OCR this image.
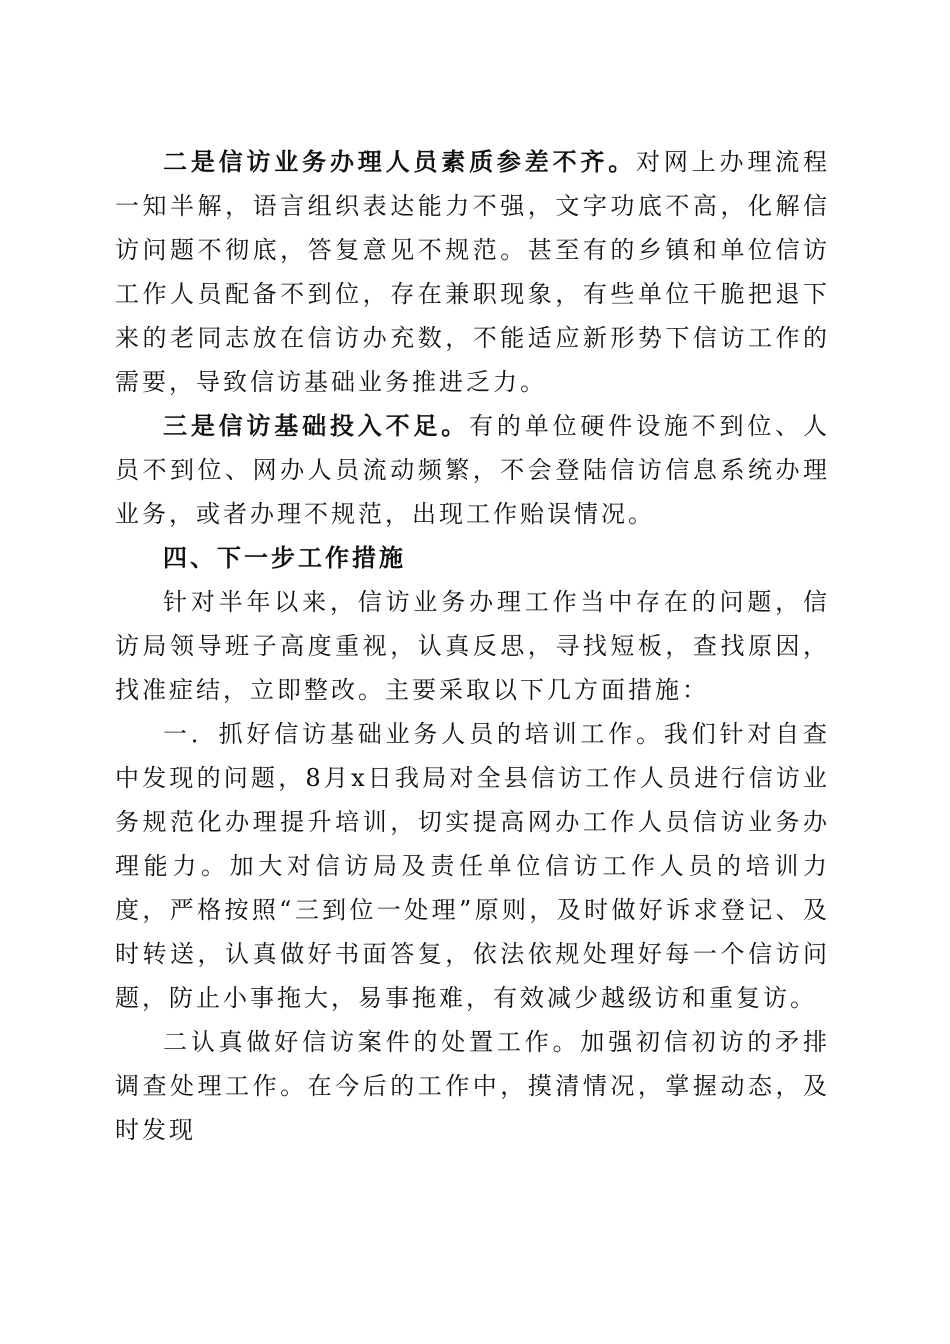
二是信访业务办理人员素质参差不齐。对网上办理流程一知半解，语言组织表达能力不强，文字功底不高，化解信访问题不彻底，答复意见不规范。甚至有的乡镇和单位信访工作人员配备不到位，存在兼职现象，有些单位干脆把退下来的老同志放在信访办充数，不能适应新形势下信访工作的需要，导致信访基础业务推进乏力。

三是信访基础投入不足。有的单位硬件设施不到位、人员不到位、网办人员流动频繁，不会登陆信访信息系统办理业务，或者办理不规范，出现工作贻误情况。

四、下一步工作措施

针对半年以来，信访业务办理工作当中存在的问题，信访局领导班子高度重视，认真反思，寻找短板，查找原因，找准症结，立即整改。主要采取以下几方面措施：

一．抓好信访基础业务人员的培训工作。我们针对自查中发现的问题，8月x日我局对全县信访工作人员进行信访业务规范化办理提升培训，切实提高网办工作人员信访业务办理能力。加大对信访局及责任单位信访工作人员的培训力度，严格按照“三到位一处理”原则，及时做好诉求登记、及时转送，认真做好书面答复，依法依规处理好每一个信访问题，防止小事拖大，易事拖难，有效减少越级访和重复访。

二认真做好信访案件的处置工作。加强初信初访的矛排调查处理工作。在今后的工作中，摸清情况，掌握动态，及时发现
